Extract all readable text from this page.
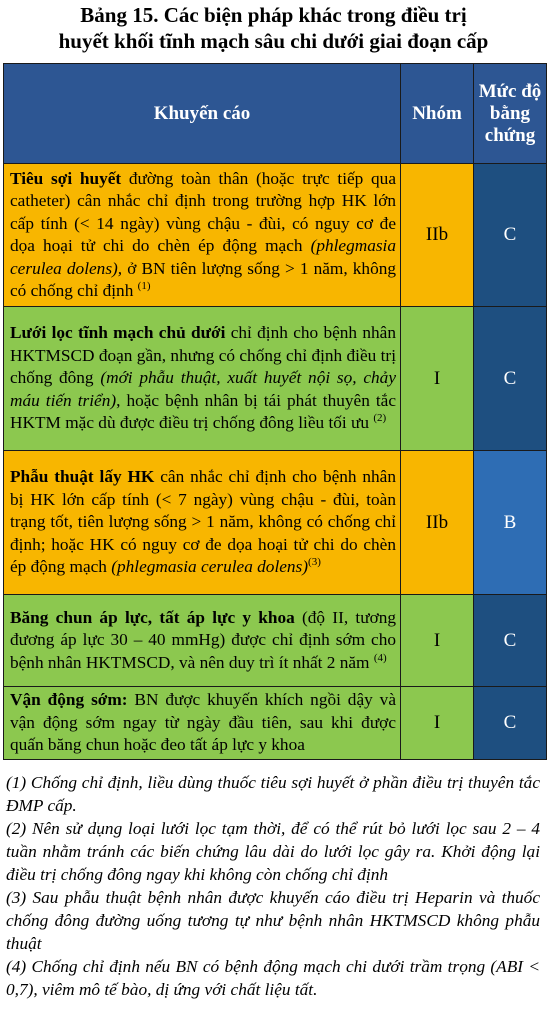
Bảng 15. Các biện pháp khác trong điều trị
huyết khối tĩnh mạch sâu chi dưới giai đoạn cấp
Khuyến cáo	Nhóm	Mức độ bằng chứng
Tiêu sợi huyết đường toàn thân (hoặc trực tiếp qua catheter) cân nhắc chỉ định trong trường hợp HK lớn cấp tính (< 14 ngày) vùng chậu - đùi, có nguy cơ đe dọa hoại tử chi do chèn ép động mạch (phlegmasia cerulea dolens), ở BN tiên lượng sống > 1 năm, không có chống chỉ định $^{(1)}$	IIb	C
Lưới lọc tĩnh mạch chủ dưới chỉ định cho bệnh nhân HKTMSCD đoạn gần, nhưng có chống chỉ định điều trị chống đông (mới phẫu thuật, xuất huyết nội sọ, chảy máu tiến triển), hoặc bệnh nhân bị tái phát thuyên tắc HKTM mặc dù được điều trị chống đông liều tối ưu $^{(2)}$	I	C
Phẫu thuật lấy HK cân nhắc chỉ định cho bệnh nhân bị HK lớn cấp tính (< 7 ngày) vùng chậu - đùi, toàn trạng tốt, tiên lượng sống > 1 năm, không có chống chỉ định; hoặc HK có nguy cơ đe dọa hoại tử chi do chèn ép động mạch (phlegmasia cerulea dolens)$^{(3)}$	IIb	B
Băng chun áp lực, tất áp lực y khoa (độ II, tương đương áp lực 30 – 40 mmHg) được chỉ định sớm cho bệnh nhân HKTMSCD, và nên duy trì ít nhất 2 năm $^{(4)}$	I	C
Vận động sớm: BN được khuyến khích ngồi dậy và vận động sớm ngay từ ngày đầu tiên, sau khi được quấn băng chun hoặc đeo tất áp lực y khoa	I	C

(1) Chống chỉ định, liều dùng thuốc tiêu sợi huyết ở phần điều trị thuyên tắc ĐMP cấp.

(2) Nên sử dụng loại lưới lọc tạm thời, để có thể rút bỏ lưới lọc sau 2 – 4 tuần nhằm tránh các biến chứng lâu dài do lưới lọc gây ra. Khởi động lại điều trị chống đông ngay khi không còn chống chỉ định

(3) Sau phẫu thuật bệnh nhân được khuyến cáo điều trị Heparin và thuốc chống đông đường uống tương tự như bệnh nhân HKTMSCD không phẫu thuật

(4) Chống chỉ định nếu BN có bệnh động mạch chi dưới trầm trọng (ABI < 0,7), viêm mô tế bào, dị ứng với chất liệu tất.
